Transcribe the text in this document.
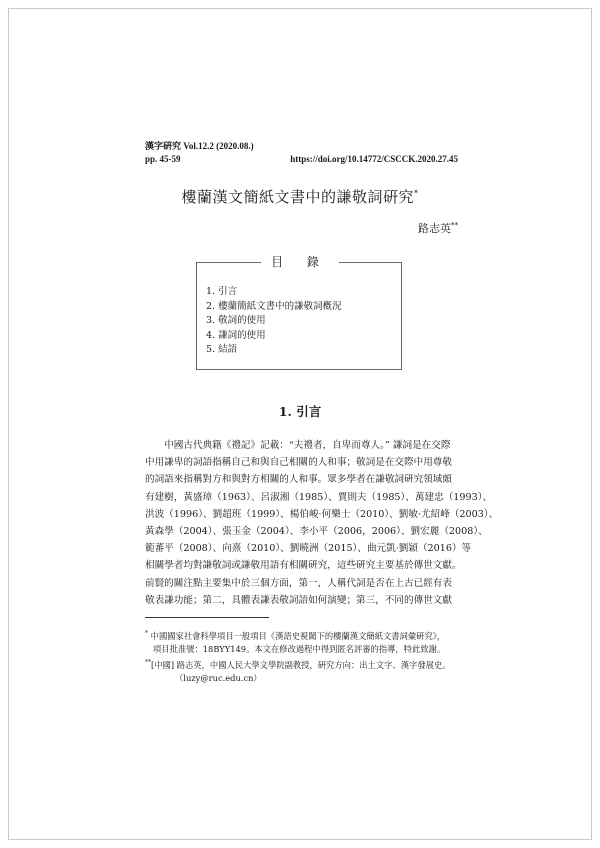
漢字硏究 Vol.12.2 (2020.08.)
pp. 45-59	https://doi.org/10.14772/CSCCK.2020.27.45
樓蘭漢文簡紙文書中的謙敬詞硏究*
路志英**
目 錄
1. 引言
2. 樓蘭簡紙文書中的謙敬詞槪況
3. 敬詞的使用
4. 謙詞的使用
5. 結語
1. 引言
　　中國古代典籍《禮記》記載：“夫禮者，自卑而尊人。” 謙詞是在交際
中用謙卑的詞語指稱自己和與自己相關的人和事；敬詞是在交際中用尊敬
的詞語來指稱對方和與對方相關的人和事。眾多學者在謙敬詞硏究領域頗
有建樹，黃盛璋（1963）、呂淑湘（1985）、賈則夫（1985）、萬建忠（1993）、
洪波（1996）、劉超班（1999）、楊伯峻·何樂士（2010）、劉敏·尤紹峰（2003）、
黃森學（2004）、張玉金（2004）、李小平（2006，2006）、劉宏麗（2008）、
範蕃平（2008）、向熹（2010）、劉曉洲（2015）、曲元凱·劉穎（2016）等
相關學者均對謙敬詞或謙敬用語有相關硏究，這些硏究主要基於傳世文獻。
前賢的關注點主要集中於三個方面，第一，人稱代詞是否在上古已經有表
敬表謙功能；第二，具體表謙表敬詞語如何演變；第三，不同的傳世文獻
* 中國國家社會科學項目一般項目《漢語史視閾下的樓蘭漢文簡紙文書詞彙硏究》，
項目批准號：18BYY149。本文在修改過程中得到匿名評審的指導，特此致謝。
**[中國] 路志英，中國人民大學文學院副教授，硏究方向：出土文字、漢字發展史。
（luzy@ruc.edu.cn）
